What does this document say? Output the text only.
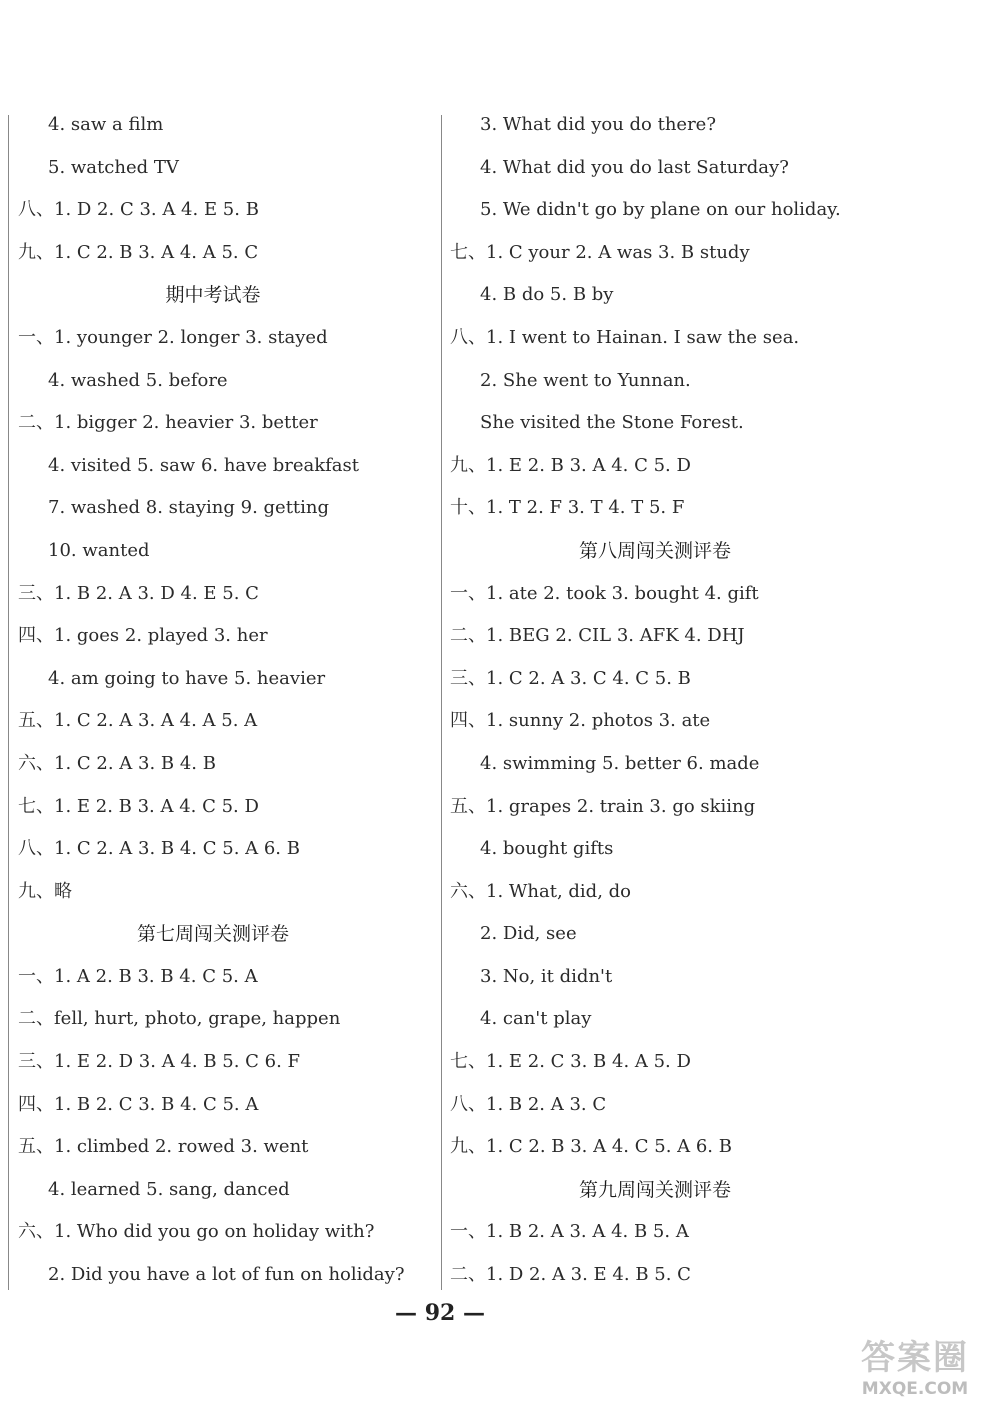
4. saw a film
5. watched TV
八、1. D 2. C 3. A 4. E 5. B
九、1. C 2. B 3. A 4. A 5. C
期中考试卷
一、1. younger 2. longer 3. stayed
4. washed 5. before
二、1. bigger 2. heavier 3. better
4. visited 5. saw 6. have breakfast
7. washed 8. staying 9. getting
10. wanted
三、1. B 2. A 3. D 4. E 5. C
四、1. goes 2. played 3. her
4. am going to have 5. heavier
五、1. C 2. A 3. A 4. A 5. A
六、1. C 2. A 3. B 4. B
七、1. E 2. B 3. A 4. C 5. D
八、1. C 2. A 3. B 4. C 5. A 6. B
九、略
第七周闯关测评卷
一、1. A 2. B 3. B 4. C 5. A
二、fell, hurt, photo, grape, happen
三、1. E 2. D 3. A 4. B 5. C 6. F
四、1. B 2. C 3. B 4. C 5. A
五、1. climbed 2. rowed 3. went
4. learned 5. sang, danced
六、1. Who did you go on holiday with?
2. Did you have a lot of fun on holiday?
3. What did you do there?
4. What did you do last Saturday?
5. We didn't go by plane on our holiday.
七、1. C your 2. A was 3. B study
4. B do 5. B by
八、1. I went to Hainan. I saw the sea.
2. She went to Yunnan.
She visited the Stone Forest.
九、1. E 2. B 3. A 4. C 5. D
十、1. T 2. F 3. T 4. T 5. F
第八周闯关测评卷
一、1. ate 2. took 3. bought 4. gift
二、1. BEG 2. CIL 3. AFK 4. DHJ
三、1. C 2. A 3. C 4. C 5. B
四、1. sunny 2. photos 3. ate
4. swimming 5. better 6. made
五、1. grapes 2. train 3. go skiing
4. bought gifts
六、1. What, did, do
2. Did, see
3. No, it didn't
4. can't play
七、1. E 2. C 3. B 4. A 5. D
八、1. B 2. A 3. C
九、1. C 2. B 3. A 4. C 5. A 6. B
第九周闯关测评卷
一、1. B 2. A 3. A 4. B 5. A
二、1. D 2. A 3. E 4. B 5. C
— 92 —
答案圈
MXQE.COM
